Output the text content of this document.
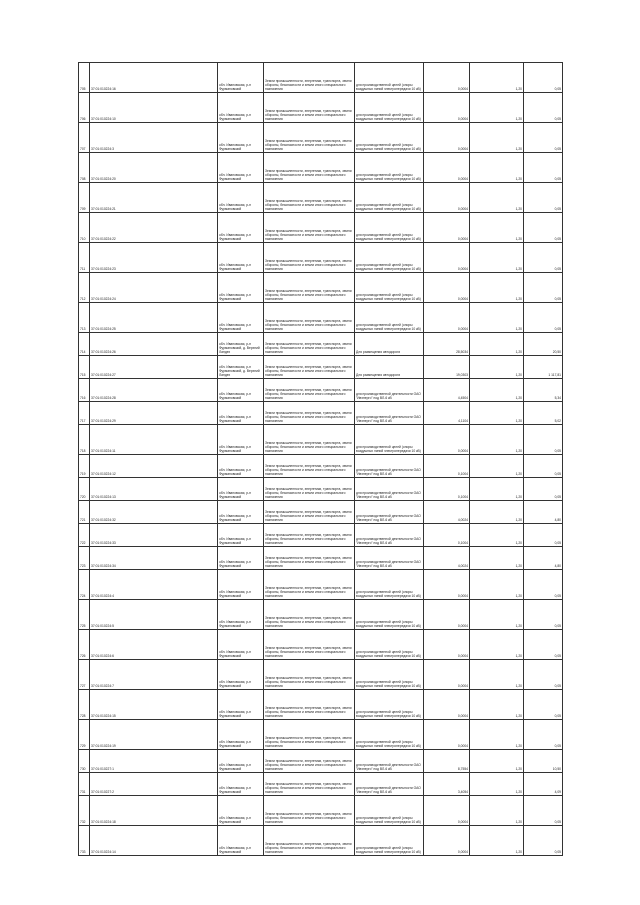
705	37:01:010224:16	обл. Ивановская, р-н Фурмановский	Земли промышленности, энергетики, транспорта, земли обороны, безопасности и земли иного специального назначения	для производственной целей (опоры воздушных линий электропередачи 10 кВ)	0,0004	1,20	0,05
706	37:01:010224:10	обл. Ивановская, р-н Фурмановский	Земли промышленности, энергетики, транспорта, земли обороны, безопасности и земли иного специального назначения	для производственной целей (опоры воздушных линий электропередачи 10 кВ)	0,0004	1,20	0,05
707	37:01:010224:3	обл. Ивановская, р-н Фурмановский	Земли промышленности, энергетики, транспорта, земли обороны, безопасности и земли иного специального назначения	для производственной целей (опоры воздушных линий электропередачи 10 кВ)	0,0004	1,20	0,05
708	37:01:010224:20	обл. Ивановская, р-н Фурмановский	Земли промышленности, энергетики, транспорта, земли обороны, безопасности и земли иного специального назначения	для производственной целей (опоры воздушных линий электропередачи 10 кВ)	0,0004	1,20	0,05
709	37:01:010224:21	обл. Ивановская, р-н Фурмановский	Земли промышленности, энергетики, транспорта, земли обороны, безопасности и земли иного специального назначения	для производственной целей (опоры воздушных линий электропередачи 10 кВ)	0,0004	1,20	0,05
710	37:01:010224:22	обл. Ивановская, р-н Фурмановский	Земли промышленности, энергетики, транспорта, земли обороны, безопасности и земли иного специального назначения	для производственной целей (опоры воздушных линий электропередачи 10 кВ)	0,0004	1,20	0,05
711	37:01:010224:23	обл. Ивановская, р-н Фурмановский	Земли промышленности, энергетики, транспорта, земли обороны, безопасности и земли иного специального назначения	для производственной целей (опоры воздушных линий электропередачи 10 кВ)	0,0004	1,20	0,05
712	37:01:010224:24	обл. Ивановская, р-н Фурмановский	Земли промышленности, энергетики, транспорта, земли обороны, безопасности и земли иного специального назначения	для производственной целей (опоры воздушных линий электропередачи 10 кВ)	0,0004	1,20	0,05
713	37:01:010224:25	обл. Ивановская, р-н Фурмановский	Земли промышленности, энергетики, транспорта, земли обороны, безопасности и земли иного специального назначения	для производственной целей (опоры воздушных линий электропередачи 10 кВ)	0,0004	1,20	0,05
714	37:01:010224:26	обл. Ивановская, р-н Фурмановский, д. Верхний Ландех	Земли промышленности, энергетики, транспорта, земли обороны, безопасности и земли иного специального назначения	Для размещения автодороги	28,5034	1,20	20,50
715	37:01:010224:27	обл. Ивановская, р-н Фурмановский, д. Верхний Ландех	Земли промышленности, энергетики, транспорта, земли обороны, безопасности и земли иного специального назначения	Для размещения автодороги	19,0303	1,20	1 117,81
716	37:01:010224:28	обл. Ивановская, р-н Фурмановский	Земли промышленности, энергетики, транспорта, земли обороны, безопасности и земли иного специального назначения	для производственной деятельности ОАО "Ивэнерго" под ВЛ-6 кВ	4,4504	1,20	5,34
717	37:01:010224:29	обл. Ивановская, р-н Фурмановский	Земли промышленности, энергетики, транспорта, земли обороны, безопасности и земли иного специального назначения	для производственной деятельности ОАО "Ивэнерго" под ВЛ-6 кВ	4,1104	1,20	5,02
718	37:01:010224:11	обл. Ивановская, р-н Фурмановский	Земли промышленности, энергетики, транспорта, земли обороны, безопасности и земли иного специального назначения	для производственной целей (опоры воздушных линий электропередачи 10 кВ)	0,0004	1,20	0,05
719	37:01:010224:12	обл. Ивановская, р-н Фурмановский	Земли промышленности, энергетики, транспорта, земли обороны, безопасности и земли иного специального назначения	для производственной деятельности ОАО "Ивэнерго" под ВЛ-6 кВ	0,1004	1,20	0,05
720	37:01:010224:13	обл. Ивановская, р-н Фурмановский	Земли промышленности, энергетики, транспорта, земли обороны, безопасности и земли иного специального назначения	для производственной деятельности ОАО "Ивэнерго" под ВЛ-6 кВ	0,1004	1,20	0,05
721	37:01:010224:32	обл. Ивановская, р-н Фурмановский	Земли промышленности, энергетики, транспорта, земли обороны, безопасности и земли иного специального назначения	для производственной деятельности ОАО "Ивэнерго" под ВЛ-6 кВ	4,0024	1,20	4,80
722	37:01:010224:33	обл. Ивановская, р-н Фурмановский	Земли промышленности, энергетики, транспорта, земли обороны, безопасности и земли иного специального назначения	для производственной деятельности ОАО "Ивэнерго" под ВЛ-6 кВ	0,1004	1,20	0,05
723	37:01:010224:34	обл. Ивановская, р-н Фурмановский	Земли промышленности, энергетики, транспорта, земли обороны, безопасности и земли иного специального назначения	для производственной деятельности ОАО "Ивэнерго" под ВЛ-6 кВ	4,0024	1,20	4,80
724	37:01:010224:4	обл. Ивановская, р-н Фурмановский	Земли промышленности, энергетики, транспорта, земли обороны, безопасности и земли иного специального назначения	для производственной целей (опоры воздушных линий электропередачи 10 кВ)	0,0004	1,20	0,05
725	37:01:010224:5	обл. Ивановская, р-н Фурмановский	Земли промышленности, энергетики, транспорта, земли обороны, безопасности и земли иного специального назначения	для производственной целей (опоры воздушных линий электропередачи 10 кВ)	0,0004	1,20	0,05
726	37:01:010224:6	обл. Ивановская, р-н Фурмановский	Земли промышленности, энергетики, транспорта, земли обороны, безопасности и земли иного специального назначения	для производственной целей (опоры воздушных линий электропередачи 10 кВ)	0,0004	1,20	0,05
727	37:01:010224:7	обл. Ивановская, р-н Фурмановский	Земли промышленности, энергетики, транспорта, земли обороны, безопасности и земли иного специального назначения	для производственной целей (опоры воздушных линий электропередачи 10 кВ)	0,0004	1,20	0,05
728	37:01:010224:15	обл. Ивановская, р-н Фурмановский	Земли промышленности, энергетики, транспорта, земли обороны, безопасности и земли иного специального назначения	для производственной целей (опоры воздушных линий электропередачи 10 кВ)	0,0004	1,20	0,05
729	37:01:010224:19	обл. Ивановская, р-н Фурмановский	Земли промышленности, энергетики, транспорта, земли обороны, безопасности и земли иного специального назначения	для производственной целей (опоры воздушных линий электропередачи 10 кВ)	0,0004	1,20	0,05
730	37:01:010227:1	обл. Ивановская, р-н Фурмановский	Земли промышленности, энергетики, транспорта, земли обороны, безопасности и земли иного специального назначения	для производственной деятельности ОАО "Ивэнерго" под ВЛ-6 кВ	8,7554	1,20	10,50
731	37:01:010227:2	обл. Ивановская, р-н Фурмановский	Земли промышленности, энергетики, транспорта, земли обороны, безопасности и земли иного специального назначения	для производственной деятельности ОАО "Ивэнерго" под ВЛ-6 кВ	3,4054	1,20	4,09
732	37:01:010224:18	обл. Ивановская, р-н Фурмановский	Земли промышленности, энергетики, транспорта, земли обороны, безопасности и земли иного специального назначения	для производственной целей (опоры воздушных линий электропередачи 10 кВ)	0,0004	1,20	0,05
733	37:01:010224:14	обл. Ивановская, р-н Фурмановский	Земли промышленности, энергетики, транспорта, земли обороны, безопасности и земли иного специального назначения	для производственной целей (опоры воздушных линий электропередачи 10 кВ)	0,0004	1,20	0,05
